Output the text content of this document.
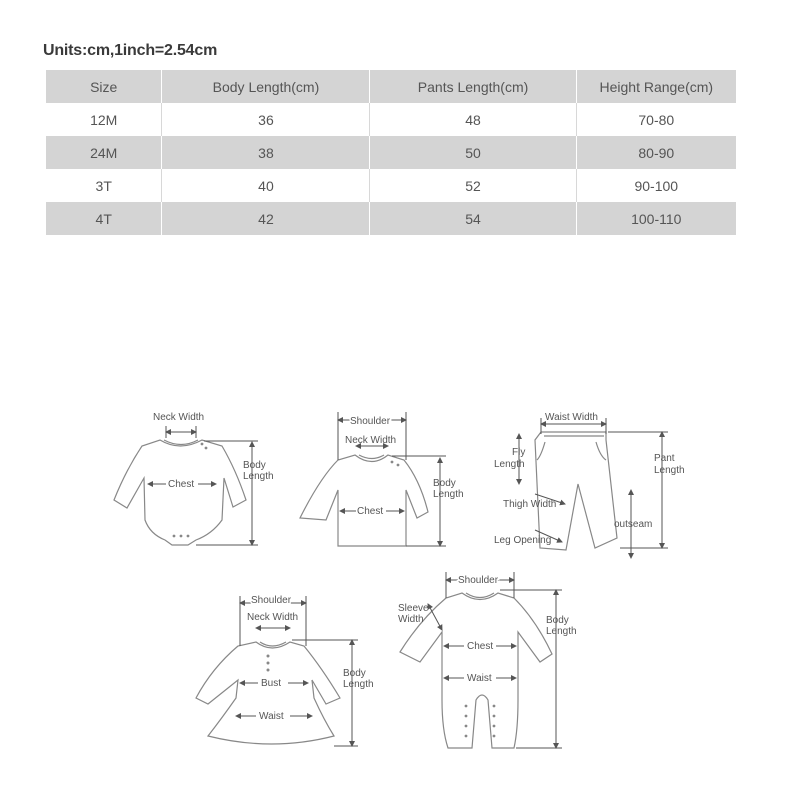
Units:cm,1inch=2.54cm
Size	Body Length(cm)	Pants Length(cm)	Height Range(cm)
12M	36	48	70-80
24M	38	50	80-90
3T	40	52	90-100
4T	42	54	100-110
Neck Width
Body
Length
Chest
Shoulder
Neck Width
Body
Length
Chest
Waist Width
Fly
Length
Pant
Length
Thigh Width
outseam
Leg Opening
Shoulder
Neck Width
Body
Length
Bust
Waist
Shoulder
Sleeve
Width	Body
Length
Chest
Waist
